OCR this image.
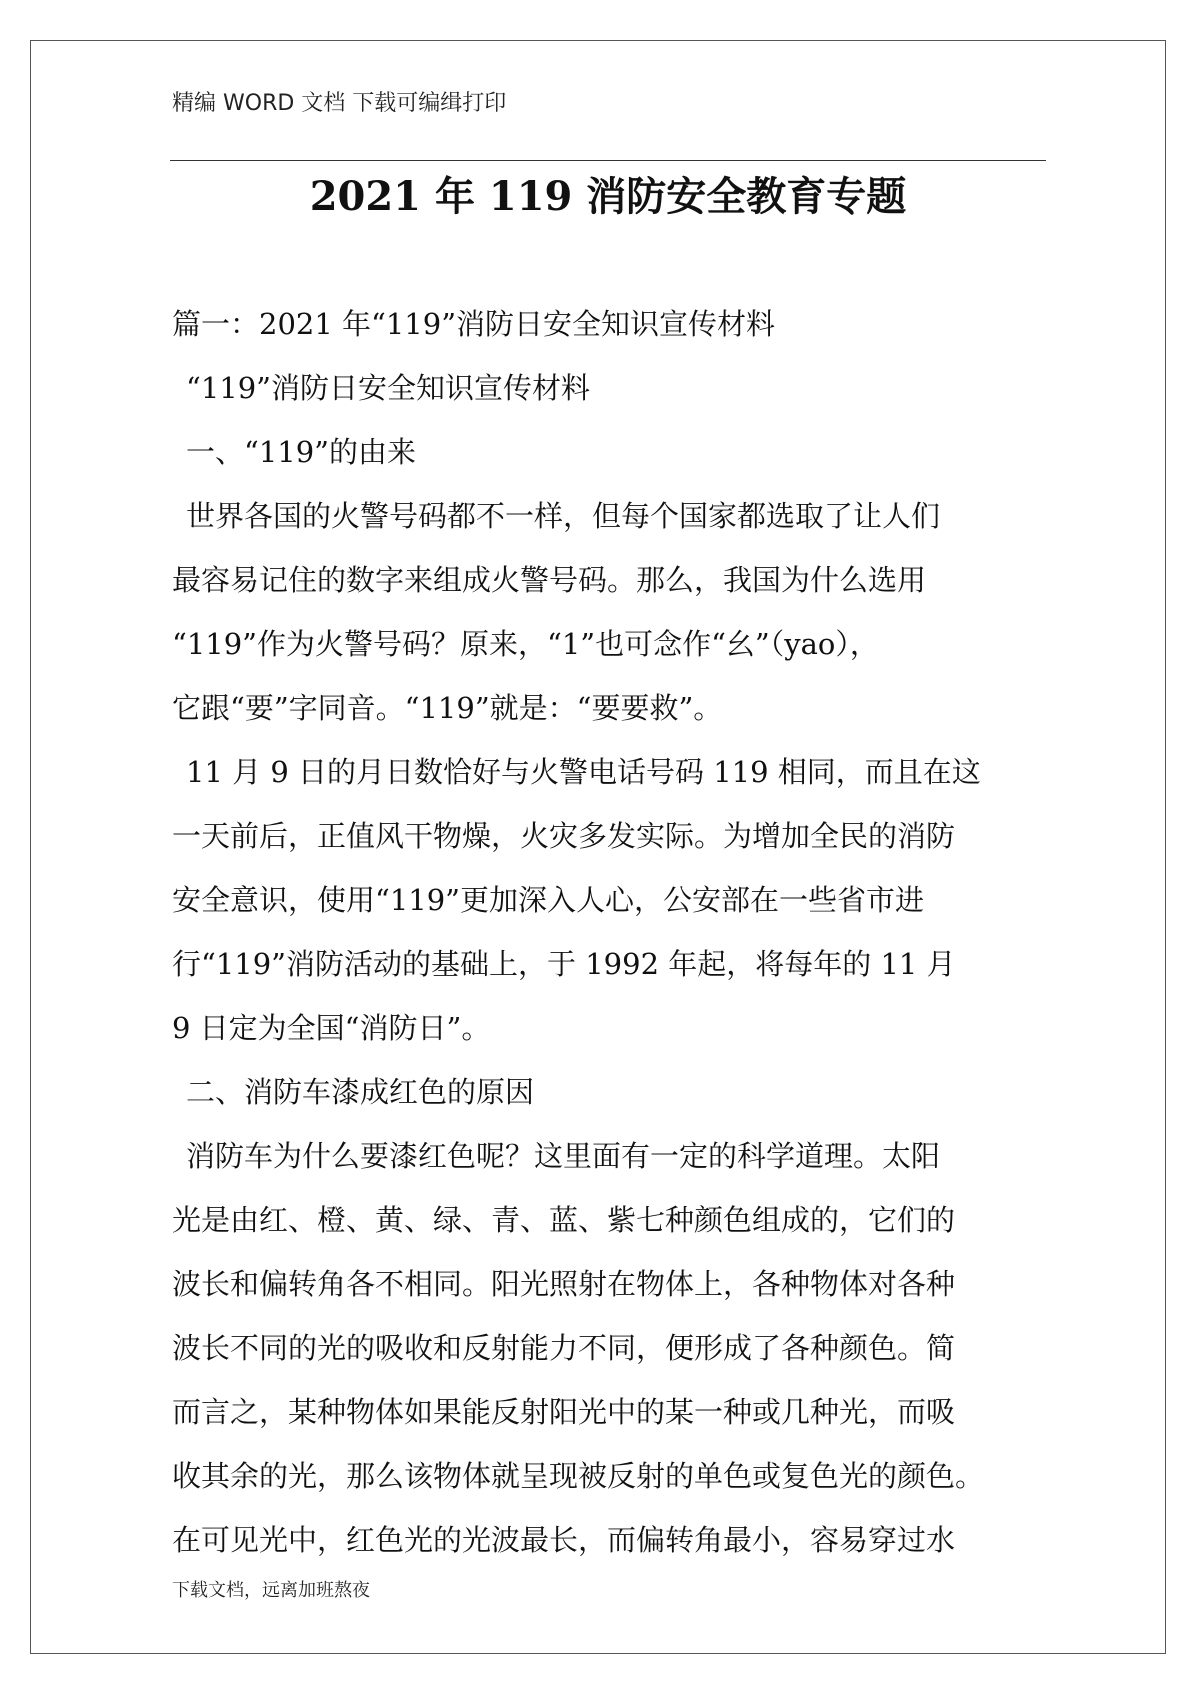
精编 WORD 文档 下载可编缉打印
2021 年 119 消防安全教育专题
篇一：2021 年“119”消防日安全知识宣传材料
“119”消防日安全知识宣传材料
一、“119”的由来
世界各国的火警号码都不一样，但每个国家都选取了让人们
最容易记住的数字来组成火警号码。那么，我国为什么选用
“119”作为火警号码？原来，“1”也可念作“幺”（yao），
它跟“要”字同音。“119”就是：“要要救”。
11 月 9 日的月日数恰好与火警电话号码 119 相同，而且在这
一天前后，正值风干物燥，火灾多发实际。为增加全民的消防
安全意识，使用“119”更加深入人心，公安部在一些省市进
行“119”消防活动的基础上，于 1992 年起，将每年的 11 月
9 日定为全国“消防日”。
二、消防车漆成红色的原因
消防车为什么要漆红色呢？这里面有一定的科学道理。太阳
光是由红、橙、黄、绿、青、蓝、紫七种颜色组成的，它们的
波长和偏转角各不相同。阳光照射在物体上，各种物体对各种
波长不同的光的吸收和反射能力不同，便形成了各种颜色。简
而言之，某种物体如果能反射阳光中的某一种或几种光，而吸
收其余的光，那么该物体就呈现被反射的单色或复色光的颜色。
在可见光中，红色光的光波最长，而偏转角最小，容易穿过水
下载文档，远离加班熬夜
